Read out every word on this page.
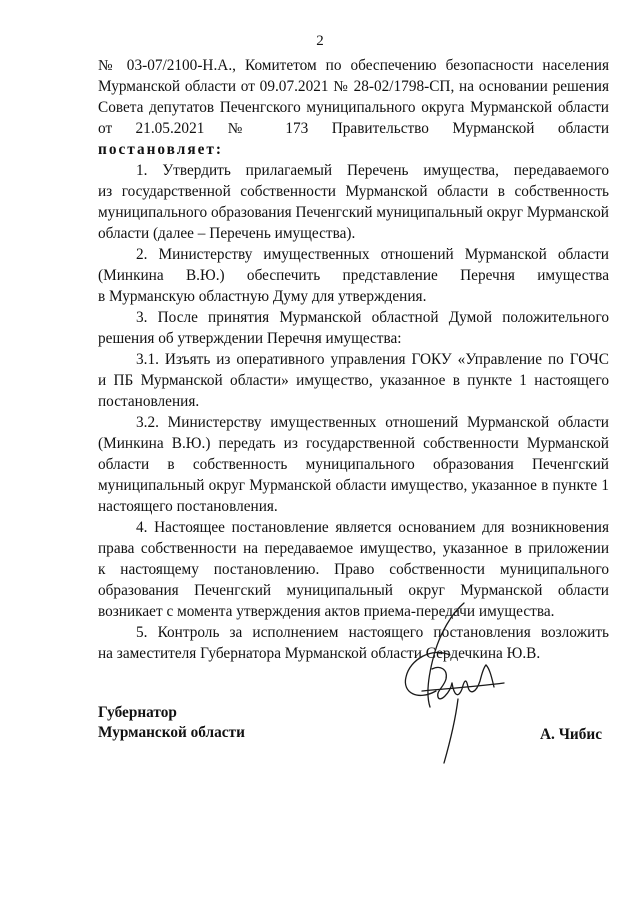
2
№ 03-07/2100-Н.А., Комитетом по обеспечению безопасности населения
Мурманской области от 09.07.2021 № 28-02/1798-СП, на основании решения
Совета депутатов Печенгского муниципального округа Мурманской области
от 21.05.2021 № 173 Правительство Мурманской области
постановляет:
1. Утвердить прилагаемый Перечень имущества, передаваемого
из государственной собственности Мурманской области в собственность
муниципального образования Печенгский муниципальный округ Мурманской
области (далее – Перечень имущества).
2. Министерству имущественных отношений Мурманской области
(Минкина В.Ю.) обеспечить представление Перечня имущества
в Мурманскую областную Думу для утверждения.
3. После принятия Мурманской областной Думой положительного
решения об утверждении Перечня имущества:
3.1. Изъять из оперативного управления ГОКУ «Управление по ГОЧС
и ПБ Мурманской области» имущество, указанное в пункте 1 настоящего
постановления.
3.2. Министерству имущественных отношений Мурманской области
(Минкина В.Ю.) передать из государственной собственности Мурманской
области в собственность муниципального образования Печенгский
муниципальный округ Мурманской области имущество, указанное в пункте 1
настоящего постановления.
4. Настоящее постановление является основанием для возникновения
права собственности на передаваемое имущество, указанное в приложении
к настоящему постановлению. Право собственности муниципального
образования Печенгский муниципальный округ Мурманской области
возникает с момента утверждения актов приема-передачи имущества.
5. Контроль за исполнением настоящего постановления возложить
на заместителя Губернатора Мурманской области Сердечкина Ю.В.
Губернатор
Мурманской области	А. Чибис
